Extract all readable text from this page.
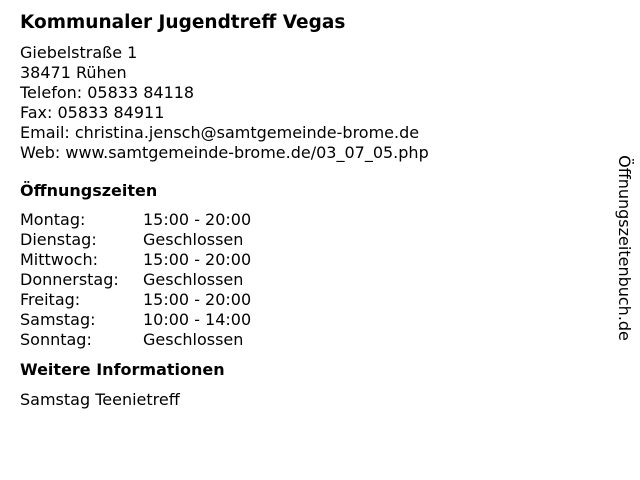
Kommunaler Jugendtreff Vegas
Giebelstraße 1
38471 Rühen
Telefon: 05833 84118
Fax: 05833 84911
Email: christina.jensch@samtgemeinde-brome.de
Web: www.samtgemeinde-brome.de/03_07_05.php
Öffnungszeiten
Montag:	15:00 - 20:00
Dienstag:	Geschlossen
Mittwoch:	15:00 - 20:00
Donnerstag:	Geschlossen
Freitag:	15:00 - 20:00
Samstag:	10:00 - 14:00
Sonntag:	Geschlossen
Weitere Informationen
Samstag Teenietreff
Öffnungszeitenbuch.de
